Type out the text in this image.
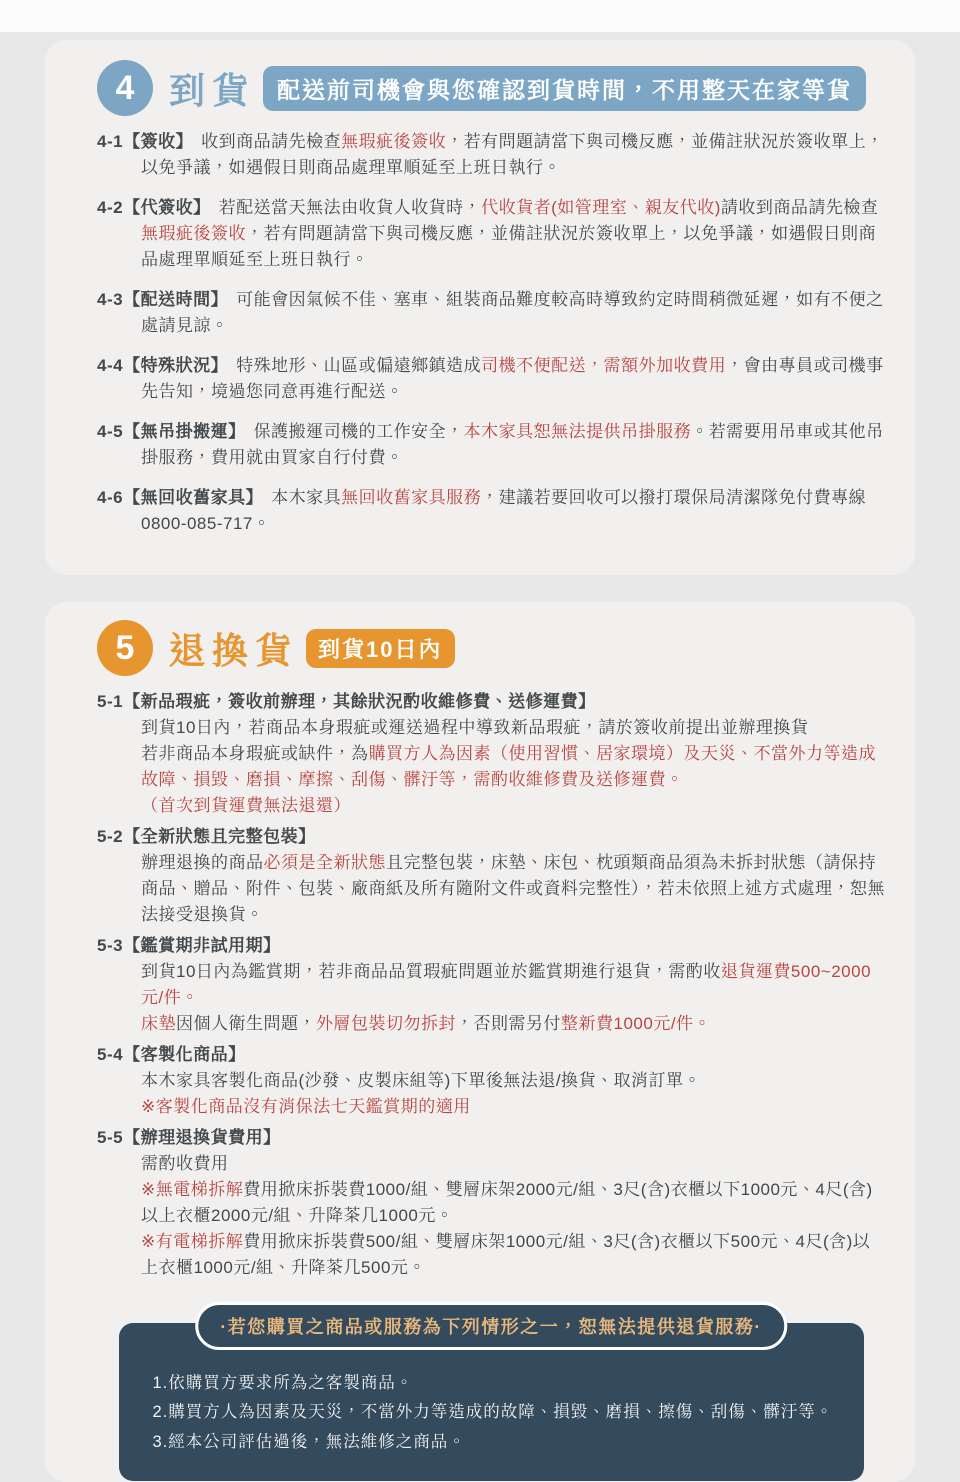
4 到貨 配送前司機會與您確認到貨時間，不用整天在家等貨
4-1【簽收】 收到商品請先檢查無瑕疵後簽收，若有問題請當下與司機反應，並備註狀況於簽收單上，以免爭議，如遇假日則商品處理單順延至上班日執行。
4-2【代簽收】 若配送當天無法由收貨人收貨時，代收貨者(如管理室、親友代收)請收到商品請先檢查無瑕疵後簽收，若有問題請當下與司機反應，並備註狀況於簽收單上，以免爭議，如遇假日則商品處理單順延至上班日執行。
4-3【配送時間】 可能會因氣候不佳、塞車、組裝商品難度較高時導致約定時間稍微延遲，如有不便之處請見諒。
4-4【特殊狀況】 特殊地形、山區或偏遠鄉鎮造成司機不便配送，需額外加收費用，會由專員或司機事先告知，境過您同意再進行配送。
4-5【無吊掛搬運】 保護搬運司機的工作安全，本木家具恕無法提供吊掛服務。若需要用吊車或其他吊掛服務，費用就由買家自行付費。
4-6【無回收舊家具】 本木家具無回收舊家具服務，建議若要回收可以撥打環保局清潔隊免付費專線0800-085-717。
5 退換貨 到貨10日內
5-1【新品瑕疵，簽收前辦理，其餘狀況酌收維修費、送修運費】
到貨10日內，若商品本身瑕疵或運送過程中導致新品瑕疵，請於簽收前提出並辦理換貨
若非商品本身瑕疵或缺件，為購買方人為因素（使用習慣、居家環境）及天災、不當外力等造成故障、損毀、磨損、摩擦、刮傷、髒汙等，需酌收維修費及送修運費。
（首次到貨運費無法退還）
5-2【全新狀態且完整包裝】
辦理退換的商品必須是全新狀態且完整包裝，床墊、床包、枕頭類商品須為未拆封狀態（請保持商品、贈品、附件、包裝、廠商紙及所有隨附文件或資料完整性），若未依照上述方式處理，恕無法接受退換貨。
5-3【鑑賞期非試用期】
到貨10日內為鑑賞期，若非商品品質瑕疵問題並於鑑賞期進行退貨，需酌收退貨運費500~2000元/件。
床墊因個人衛生問題，外層包裝切勿拆封，否則需另付整新費1000元/件。
5-4【客製化商品】
本木家具客製化商品(沙發、皮製床組等)下單後無法退/換貨、取消訂單。
※客製化商品沒有消保法七天鑑賞期的適用
5-5【辦理退換貨費用】
需酌收費用
※無電梯拆解費用掀床拆裝費1000/組、雙層床架2000元/組、3尺(含)衣櫃以下1000元、4尺(含)以上衣櫃2000元/組、升降茶几1000元。
※有電梯拆解費用掀床拆裝費500/組、雙層床架1000元/組、3尺(含)衣櫃以下500元、4尺(含)以上衣櫃1000元/組、升降茶几500元。
·若您購買之商品或服務為下列情形之一，恕無法提供退貨服務·
1.依購買方要求所為之客製商品。
2.購買方人為因素及天災，不當外力等造成的故障、損毀、磨損、擦傷、刮傷、髒汙等。
3.經本公司評估過後，無法維修之商品。
